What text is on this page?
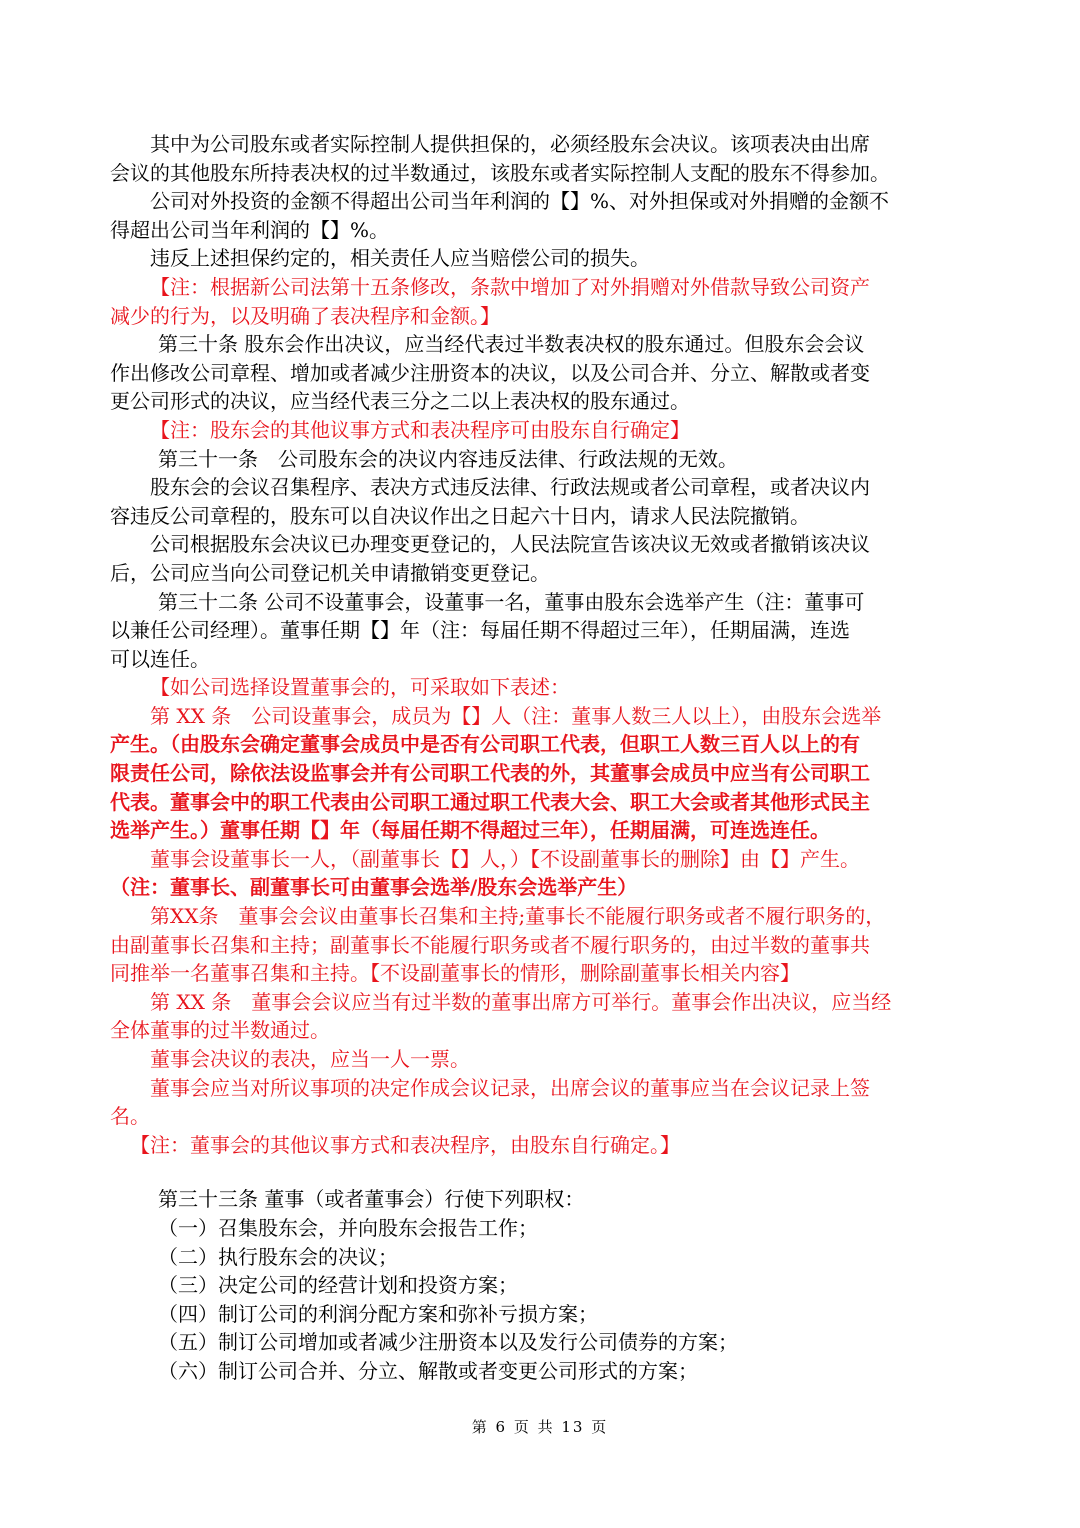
其中为公司股东或者实际控制人提供担保的，必须经股东会决议。该项表决由出席
会议的其他股东所持表决权的过半数通过，该股东或者实际控制人支配的股东不得参加。
公司对外投资的金额不得超出公司当年利润的【】%、对外担保或对外捐赠的金额不
得超出公司当年利润的【】%。
违反上述担保约定的，相关责任人应当赔偿公司的损失。
【注：根据新公司法第十五条修改，条款中增加了对外捐赠对外借款导致公司资产
减少的行为，以及明确了表决程序和金额。】
第三十条 股东会作出决议，应当经代表过半数表决权的股东通过。但股东会会议
作出修改公司章程、增加或者减少注册资本的决议，以及公司合并、分立、解散或者变
更公司形式的决议，应当经代表三分之二以上表决权的股东通过。
【注：股东会的其他议事方式和表决程序可由股东自行确定】
第三十一条　公司股东会的决议内容违反法律、行政法规的无效。
股东会的会议召集程序、表决方式违反法律、行政法规或者公司章程，或者决议内
容违反公司章程的，股东可以自决议作出之日起六十日内，请求人民法院撤销。
公司根据股东会决议已办理变更登记的，人民法院宣告该决议无效或者撤销该决议
后，公司应当向公司登记机关申请撤销变更登记。
第三十二条 公司不设董事会，设董事一名，董事由股东会选举产生（注：董事可
以兼任公司经理）。董事任期【】年（注：每届任期不得超过三年），任期届满，连选
可以连任。
【如公司选择设置董事会的，可采取如下表述：
第 XX 条　公司设董事会，成员为【】人（注：董事人数三人以上），由股东会选举
产生。（由股东会确定董事会成员中是否有公司职工代表，但职工人数三百人以上的有
限责任公司，除依法设监事会并有公司职工代表的外，其董事会成员中应当有公司职工
代表。董事会中的职工代表由公司职工通过职工代表大会、职工大会或者其他形式民主
选举产生。）董事任期【】年（每届任期不得超过三年），任期届满，可连选连任。
董事会设董事长一人，（副董事长【】人，）【不设副董事长的删除】由【】产生。
（注：董事长、副董事长可由董事会选举/股东会选举产生）
第XX条　董事会会议由董事长召集和主持;董事长不能履行职务或者不履行职务的，
由副董事长召集和主持；副董事长不能履行职务或者不履行职务的，由过半数的董事共
同推举一名董事召集和主持。【不设副董事长的情形，删除副董事长相关内容】
第 XX 条　董事会会议应当有过半数的董事出席方可举行。董事会作出决议，应当经
全体董事的过半数通过。
董事会决议的表决，应当一人一票。
董事会应当对所议事项的决定作成会议记录，出席会议的董事应当在会议记录上签
名。
【注：董事会的其他议事方式和表决程序，由股东自行确定。】
第三十三条 董事（或者董事会）行使下列职权：
（一）召集股东会，并向股东会报告工作；
（二）执行股东会的决议；
（三）决定公司的经营计划和投资方案；
（四）制订公司的利润分配方案和弥补亏损方案；
（五）制订公司增加或者减少注册资本以及发行公司债券的方案；
（六）制订公司合并、分立、解散或者变更公司形式的方案；
第 6 页 共 13 页
